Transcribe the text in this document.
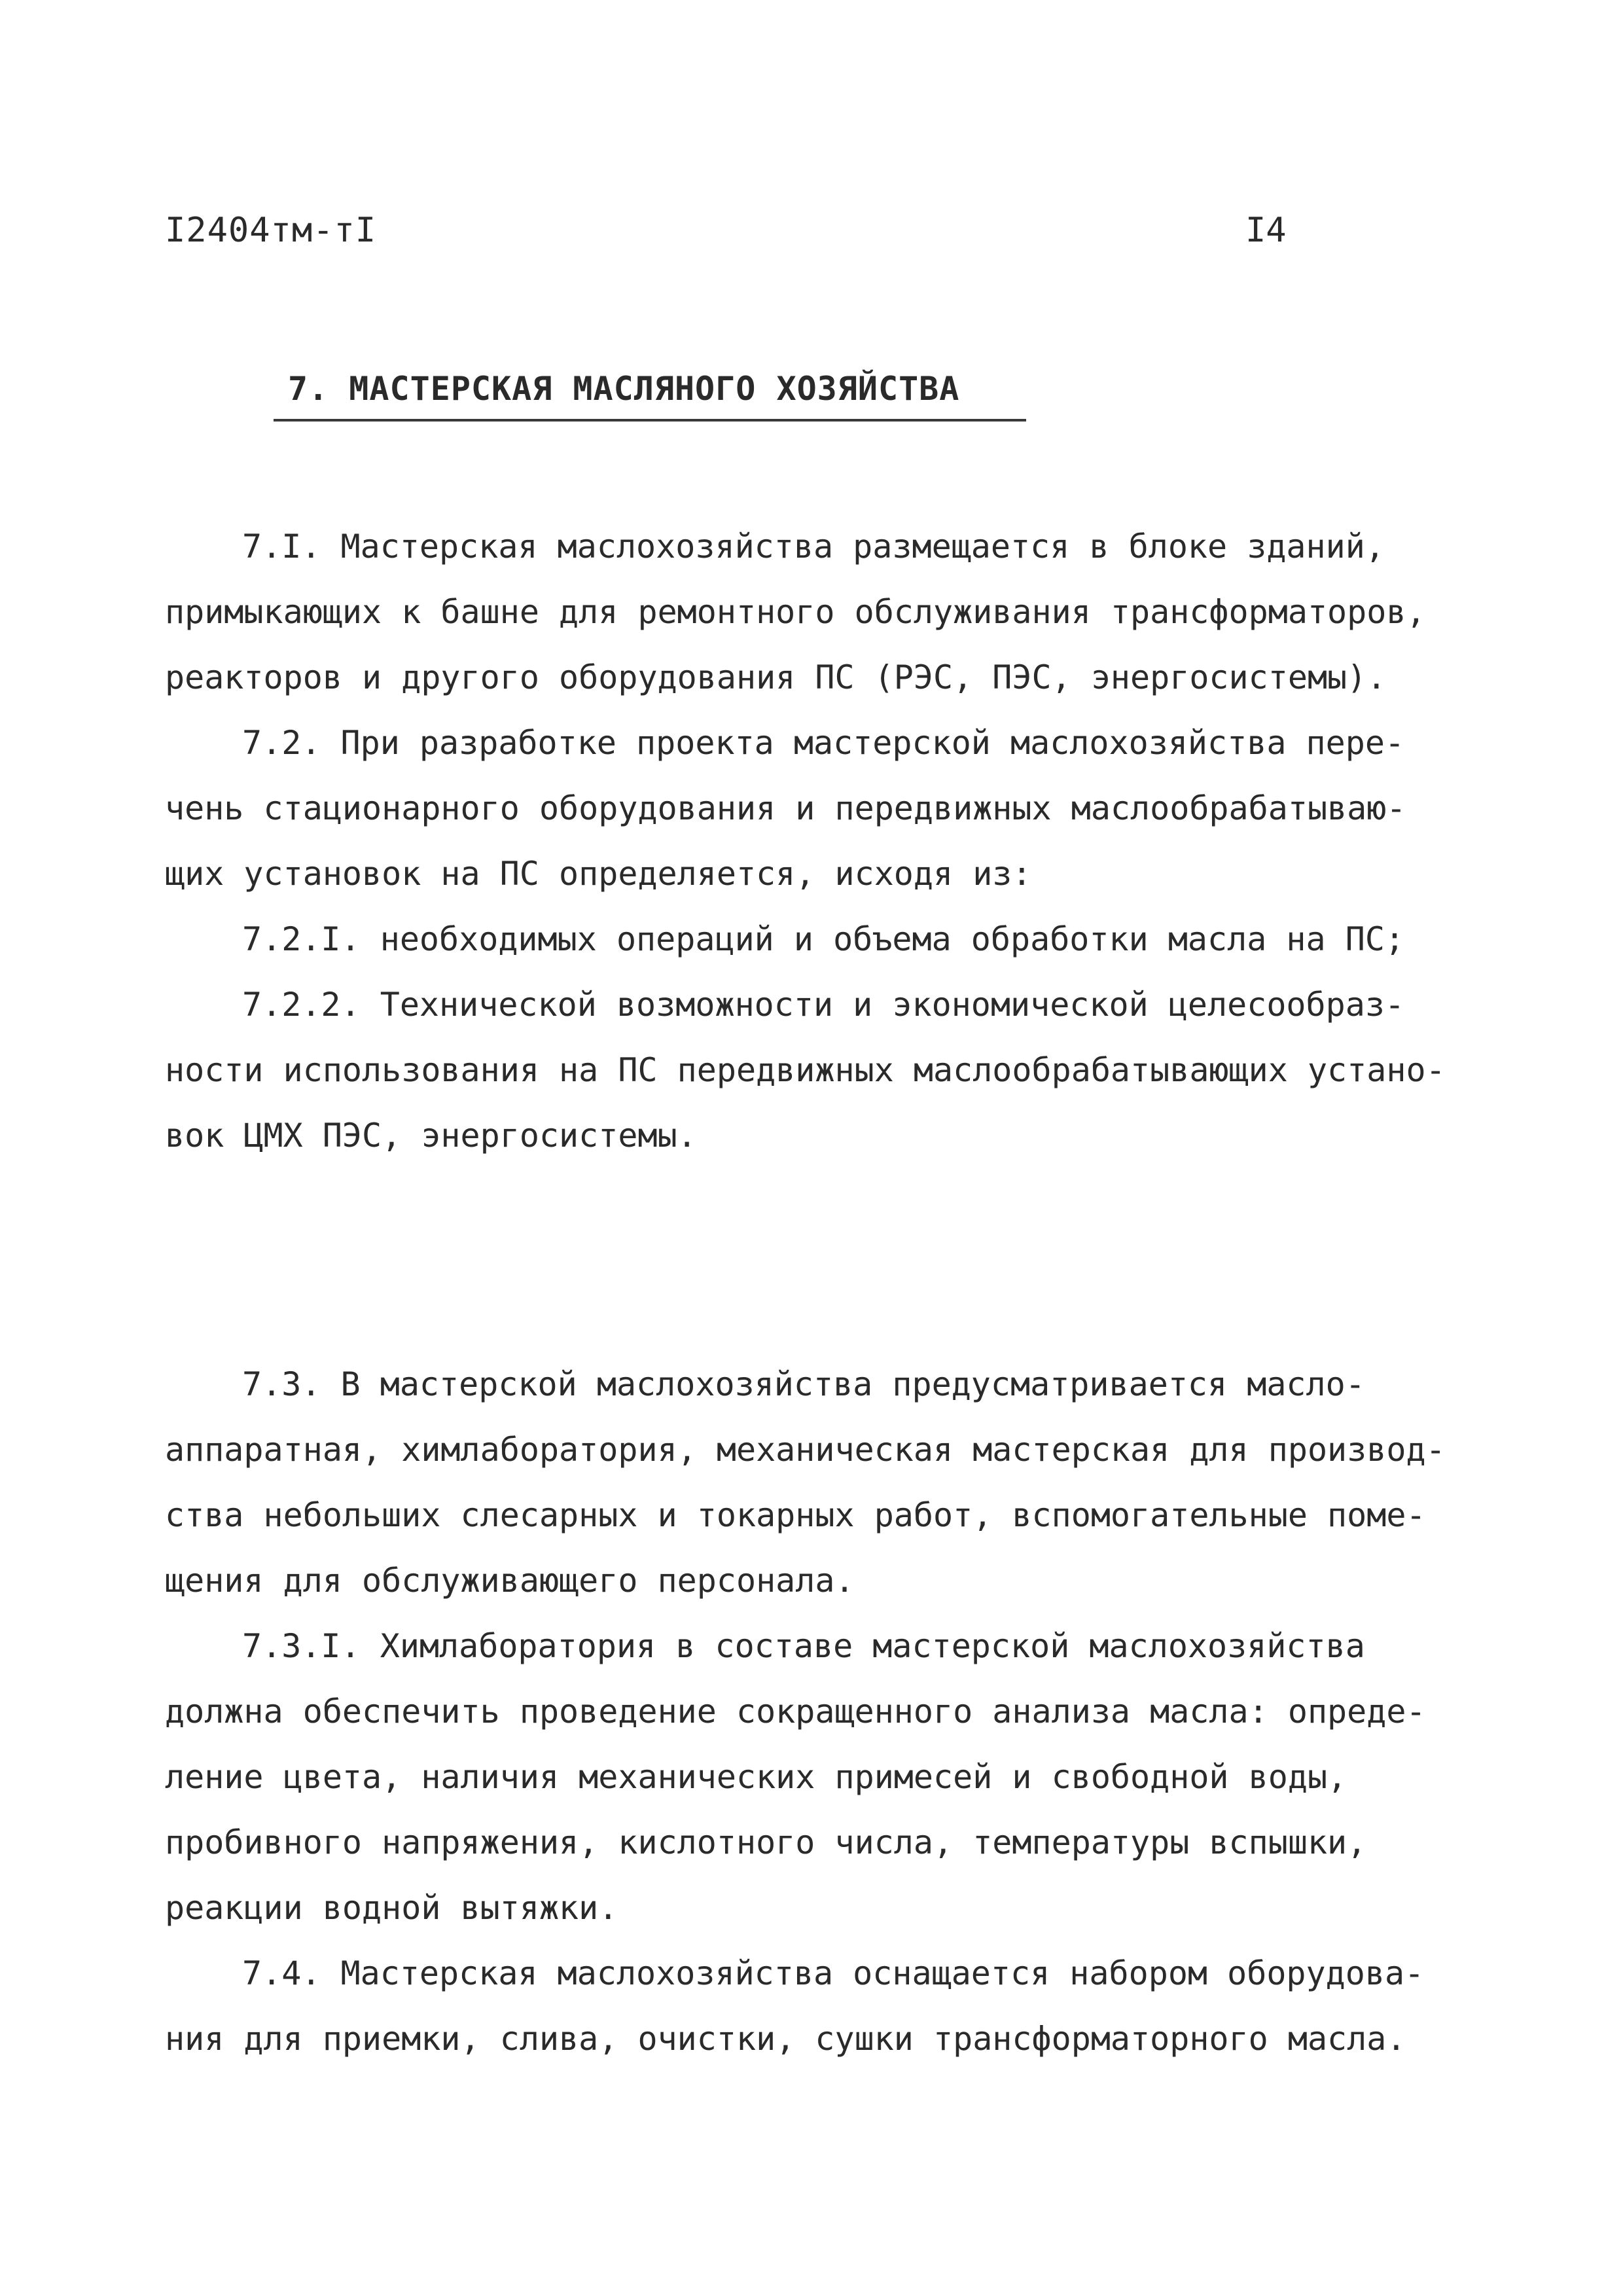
I2404тм-тI	I4
7. МАСТЕРСКАЯ МАСЛЯНОГО ХОЗЯЙСТВА
7.I. Мастерская маслохозяйства размещается в блоке зданий,
примыкающих к башне для ремонтного обслуживания трансформаторов,
реакторов и другого оборудования ПС (РЭС, ПЭС, энергосистемы).
7.2. При разработке проекта мастерской маслохозяйства пере-
чень стационарного оборудования и передвижных маслообрабатываю-
щих установок на ПС определяется, исходя из:
7.2.I. необходимых операций и объема обработки масла на ПС;
7.2.2. Технической возможности и экономической целесообраз-
ности использования на ПС передвижных маслообрабатывающих устано-
вок ЦМХ ПЭС, энергосистемы.
7.3. В мастерской маслохозяйства предусматривается масло-
аппаратная, химлаборатория, механическая мастерская для производ-
ства небольших слесарных и токарных работ, вспомогательные поме-
щения для обслуживающего персонала.
7.3.I. Химлаборатория в составе мастерской маслохозяйства
должна обеспечить проведение сокращенного анализа масла: опреде-
ление цвета, наличия механических примесей и свободной воды,
пробивного напряжения, кислотного числа, температуры вспышки,
реакции водной вытяжки.
7.4. Мастерская маслохозяйства оснащается набором оборудова-
ния для приемки, слива, очистки, сушки трансформаторного масла.
